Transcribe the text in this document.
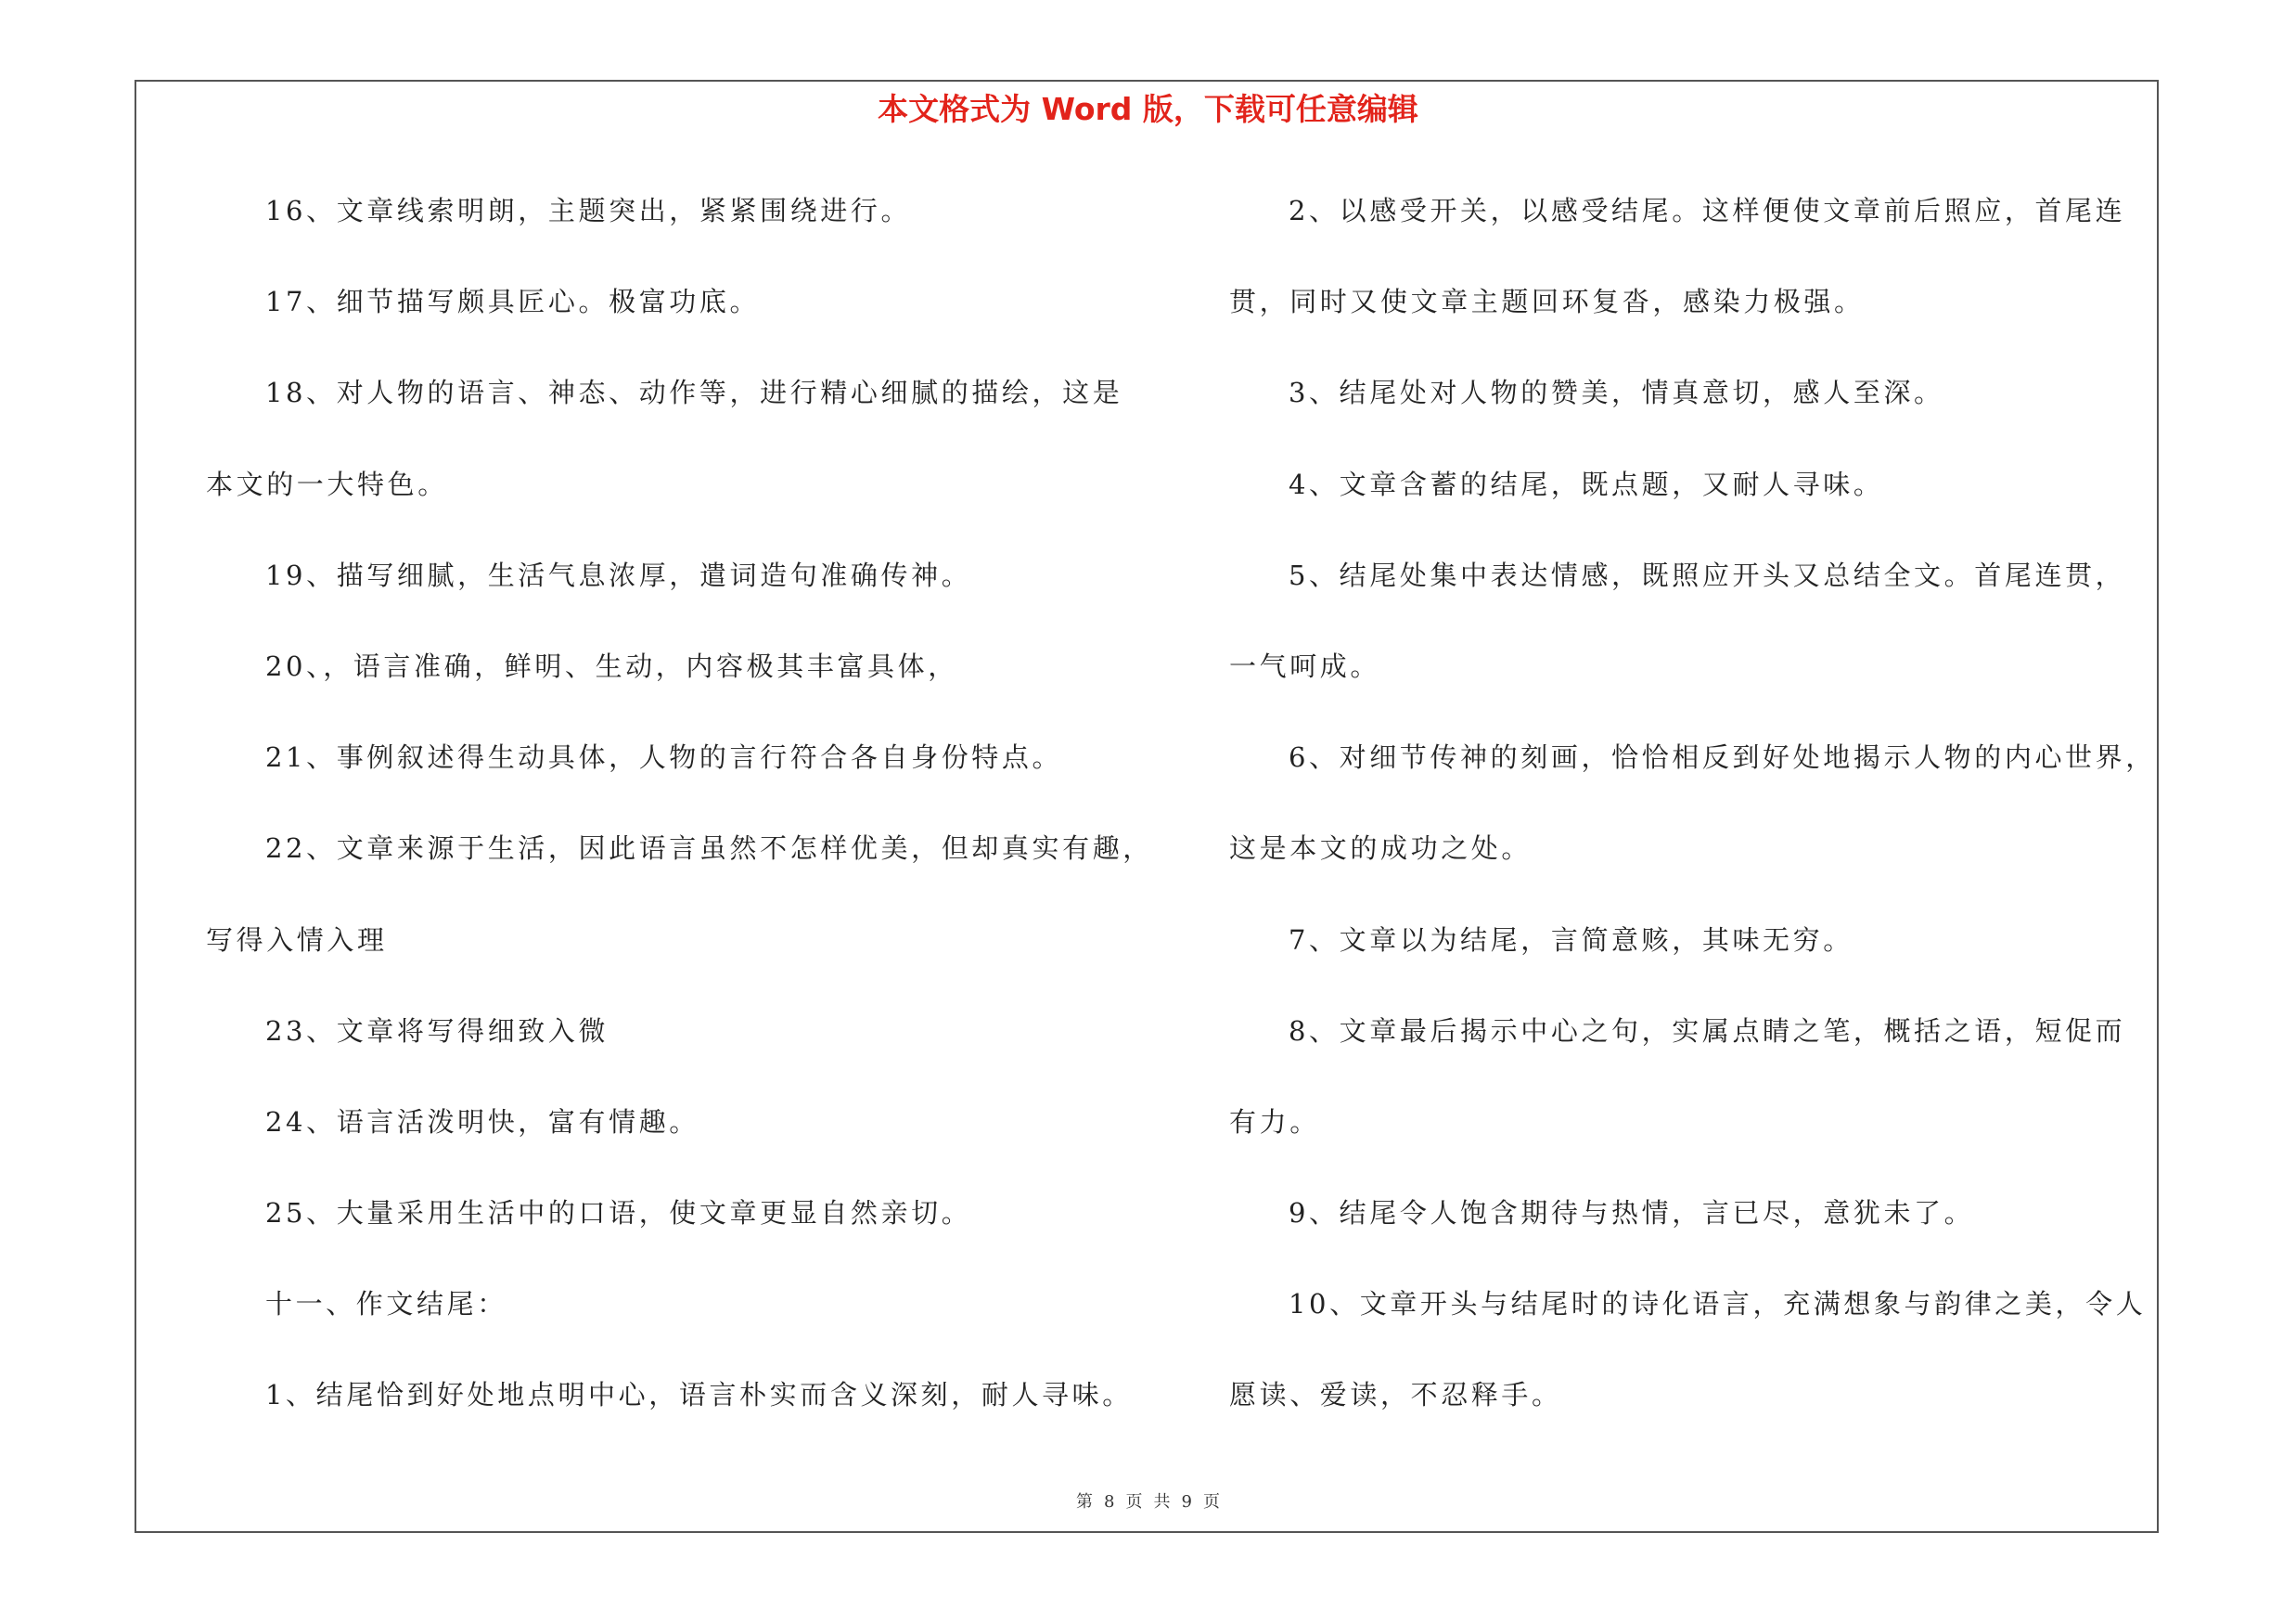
本文格式为 Word 版，下载可任意编辑
16、文章线索明朗，主题突出，紧紧围绕进行。
17、细节描写颇具匠心。极富功底。
18、对人物的语言、神态、动作等，进行精心细腻的描绘，这是
本文的一大特色。
19、描写细腻，生活气息浓厚，遣词造句准确传神。
20、，语言准确，鲜明、生动，内容极其丰富具体，
21、事例叙述得生动具体，人物的言行符合各自身份特点。
22、文章来源于生活，因此语言虽然不怎样优美，但却真实有趣，
写得入情入理
23、文章将写得细致入微
24、语言活泼明快，富有情趣。
25、大量采用生活中的口语，使文章更显自然亲切。
十一、作文结尾：
1、结尾恰到好处地点明中心，语言朴实而含义深刻，耐人寻味。
2、以感受开关，以感受结尾。这样便使文章前后照应，首尾连
贯，同时又使文章主题回环复沓，感染力极强。
3、结尾处对人物的赞美，情真意切，感人至深。
4、文章含蓄的结尾，既点题，又耐人寻味。
5、结尾处集中表达情感，既照应开头又总结全文。首尾连贯，
一气呵成。
6、对细节传神的刻画，恰恰相反到好处地揭示人物的内心世界，
这是本文的成功之处。
7、文章以为结尾，言简意赅，其味无穷。
8、文章最后揭示中心之句，实属点睛之笔，概括之语，短促而
有力。
9、结尾令人饱含期待与热情，言已尽，意犹未了。
10、文章开头与结尾时的诗化语言，充满想象与韵律之美，令人
愿读、爱读，不忍释手。
第 8 页 共 9 页
